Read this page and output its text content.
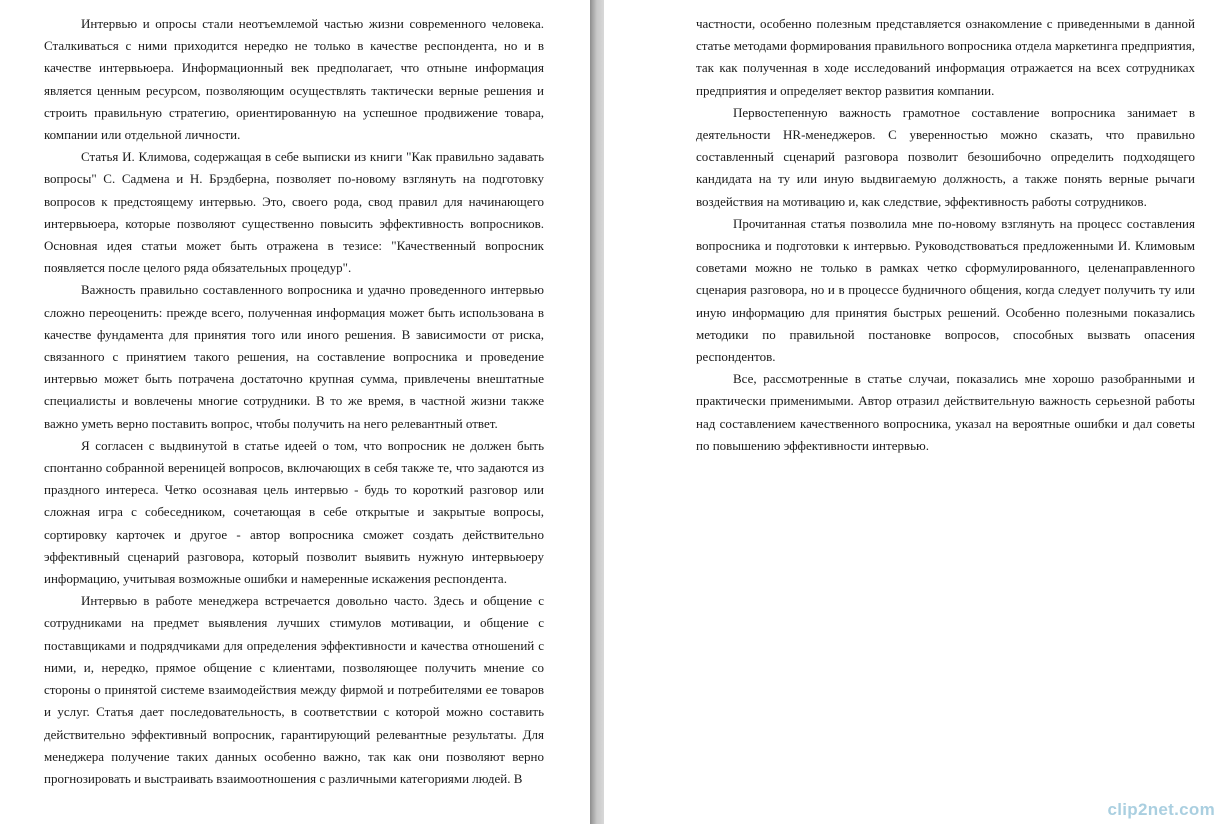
Интервью и опросы стали неотъемлемой частью жизни современного человека. Сталкиваться с ними приходится нередко не только в качестве респондента, но и в качестве интервьюера. Информационный век предполагает, что отныне информация является ценным ресурсом, позволяющим осуществлять тактически верные решения и строить правильную стратегию, ориентированную на успешное продвижение товара, компании или отдельной личности.

Статья И. Климова, содержащая в себе выписки из книги "Как правильно задавать вопросы" С. Садмена и Н. Брэдберна, позволяет по-новому взглянуть на подготовку вопросов к предстоящему интервью. Это, своего рода, свод правил для начинающего интервьюера, которые позволяют существенно повысить эффективность вопросников. Основная идея статьи может быть отражена в тезисе: "Качественный вопросник появляется после целого ряда обязательных процедур".

Важность правильно составленного вопросника и удачно проведенного интервью сложно переоценить: прежде всего, полученная информация может быть использована в качестве фундамента для принятия того или иного решения. В зависимости от риска, связанного с принятием такого решения, на составление вопросника и проведение интервью может быть потрачена достаточно крупная сумма, привлечены внештатные специалисты и вовлечены многие сотрудники. В то же время, в частной жизни также важно уметь верно поставить вопрос, чтобы получить на него релевантный ответ.

Я согласен с выдвинутой в статье идеей о том, что вопросник не должен быть спонтанно собранной вереницей вопросов, включающих в себя также те, что задаются из праздного интереса. Четко осознавая цель интервью - будь то короткий разговор или сложная игра с собеседником, сочетающая в себе открытые и закрытые вопросы, сортировку карточек и другое - автор вопросника сможет создать действительно эффективный сценарий разговора, который позволит выявить нужную интервьюеру информацию, учитывая возможные ошибки и намеренные искажения респондента.

Интервью в работе менеджера встречается довольно часто. Здесь и общение с сотрудниками на предмет выявления лучших стимулов мотивации, и общение с поставщиками и подрядчиками для определения эффективности и качества отношений с ними, и, нередко, прямое общение с клиентами, позволяющее получить мнение со стороны о принятой системе взаимодействия между фирмой и потребителями ее товаров и услуг. Статья дает последовательность, в соответствии с которой можно составить действительно эффективный вопросник, гарантирующий релевантные результаты. Для менеджера получение таких данных особенно важно, так как они позволяют верно прогнозировать и выстраивать взаимоотношения с различными категориями людей. В

частности, особенно полезным представляется ознакомление с приведенными в данной статье методами формирования правильного вопросника отдела маркетинга предприятия, так как полученная в ходе исследований информация отражается на всех сотрудниках предприятия и определяет вектор развития компании.

Первостепенную важность грамотное составление вопросника занимает в деятельности HR-менеджеров. С уверенностью можно сказать, что правильно составленный сценарий разговора позволит безошибочно определить подходящего кандидата на ту или иную выдвигаемую должность, а также понять верные рычаги воздействия на мотивацию и, как следствие, эффективность работы сотрудников.

Прочитанная статья позволила мне по-новому взглянуть на процесс составления вопросника и подготовки к интервью. Руководствоваться предложенными И. Климовым советами можно не только в рамках четко сформулированного, целенаправленного сценария разговора, но и в процессе будничного общения, когда следует получить ту или иную информацию для принятия быстрых решений. Особенно полезными показались методики по правильной постановке вопросов, способных вызвать опасения респондентов.

Все, рассмотренные в статье случаи, показались мне хорошо разобранными и практически применимыми. Автор отразил действительную важность серьезной работы над составлением качественного вопросника, указал на вероятные ошибки и дал советы по повышению эффективности интервью.

clip2net.com
